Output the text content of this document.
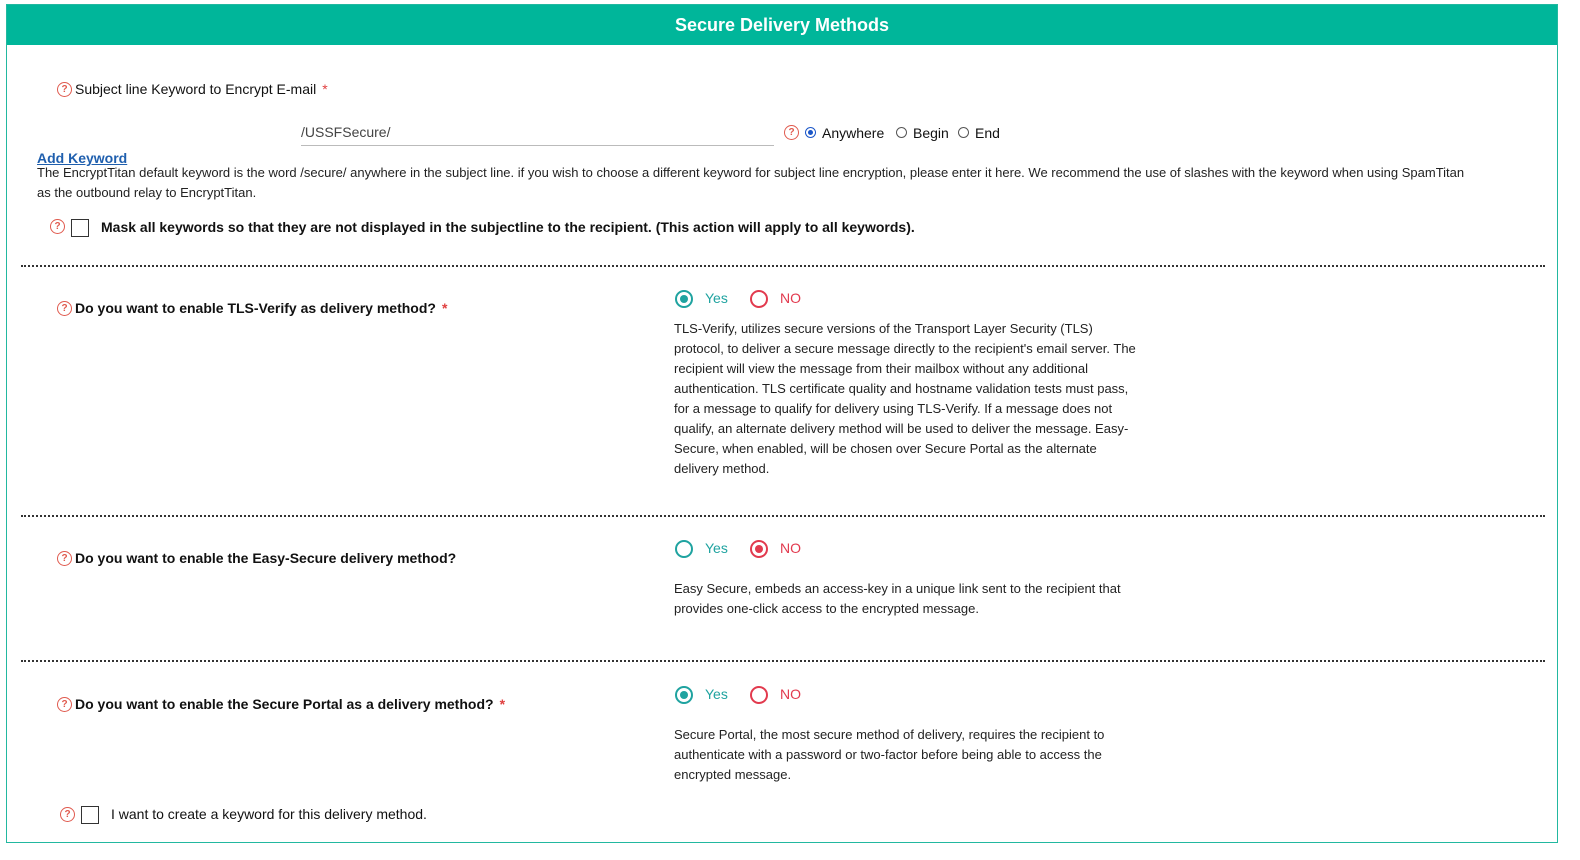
Secure Delivery Methods
? Subject line Keyword to Encrypt E-mail *
/USSFSecure/
?	Anywhere Begin End
Add Keyword
The EncryptTitan default keyword is the word /secure/ anywhere in the subject line. if you wish to choose a different keyword for subject line encryption, please enter it here. We recommend the use of slashes with the keyword when using SpamTitan as the outbound relay to EncryptTitan.
?	Mask all keywords so that they are not displayed in the subjectline to the recipient. (This action will apply to all keywords).
? Do you want to enable TLS-Verify as delivery method? *
Yes	NO
TLS-Verify, utilizes secure versions of the Transport Layer Security (TLS) protocol, to deliver a secure message directly to the recipient's email server. The recipient will view the message from their mailbox without any additional authentication. TLS certificate quality and hostname validation tests must pass, for a message to qualify for delivery using TLS-Verify. If a message does not qualify, an alternate delivery method will be used to deliver the message. Easy-Secure, when enabled, will be chosen over Secure Portal as the alternate delivery method.
? Do you want to enable the Easy-Secure delivery method?
Yes	NO
Easy Secure, embeds an access-key in a unique link sent to the recipient that provides one-click access to the encrypted message.
? Do you want to enable the Secure Portal as a delivery method? *
Yes	NO
Secure Portal, the most secure method of delivery, requires the recipient to authenticate with a password or two-factor before being able to access the encrypted message.
?	I want to create a keyword for this delivery method.
